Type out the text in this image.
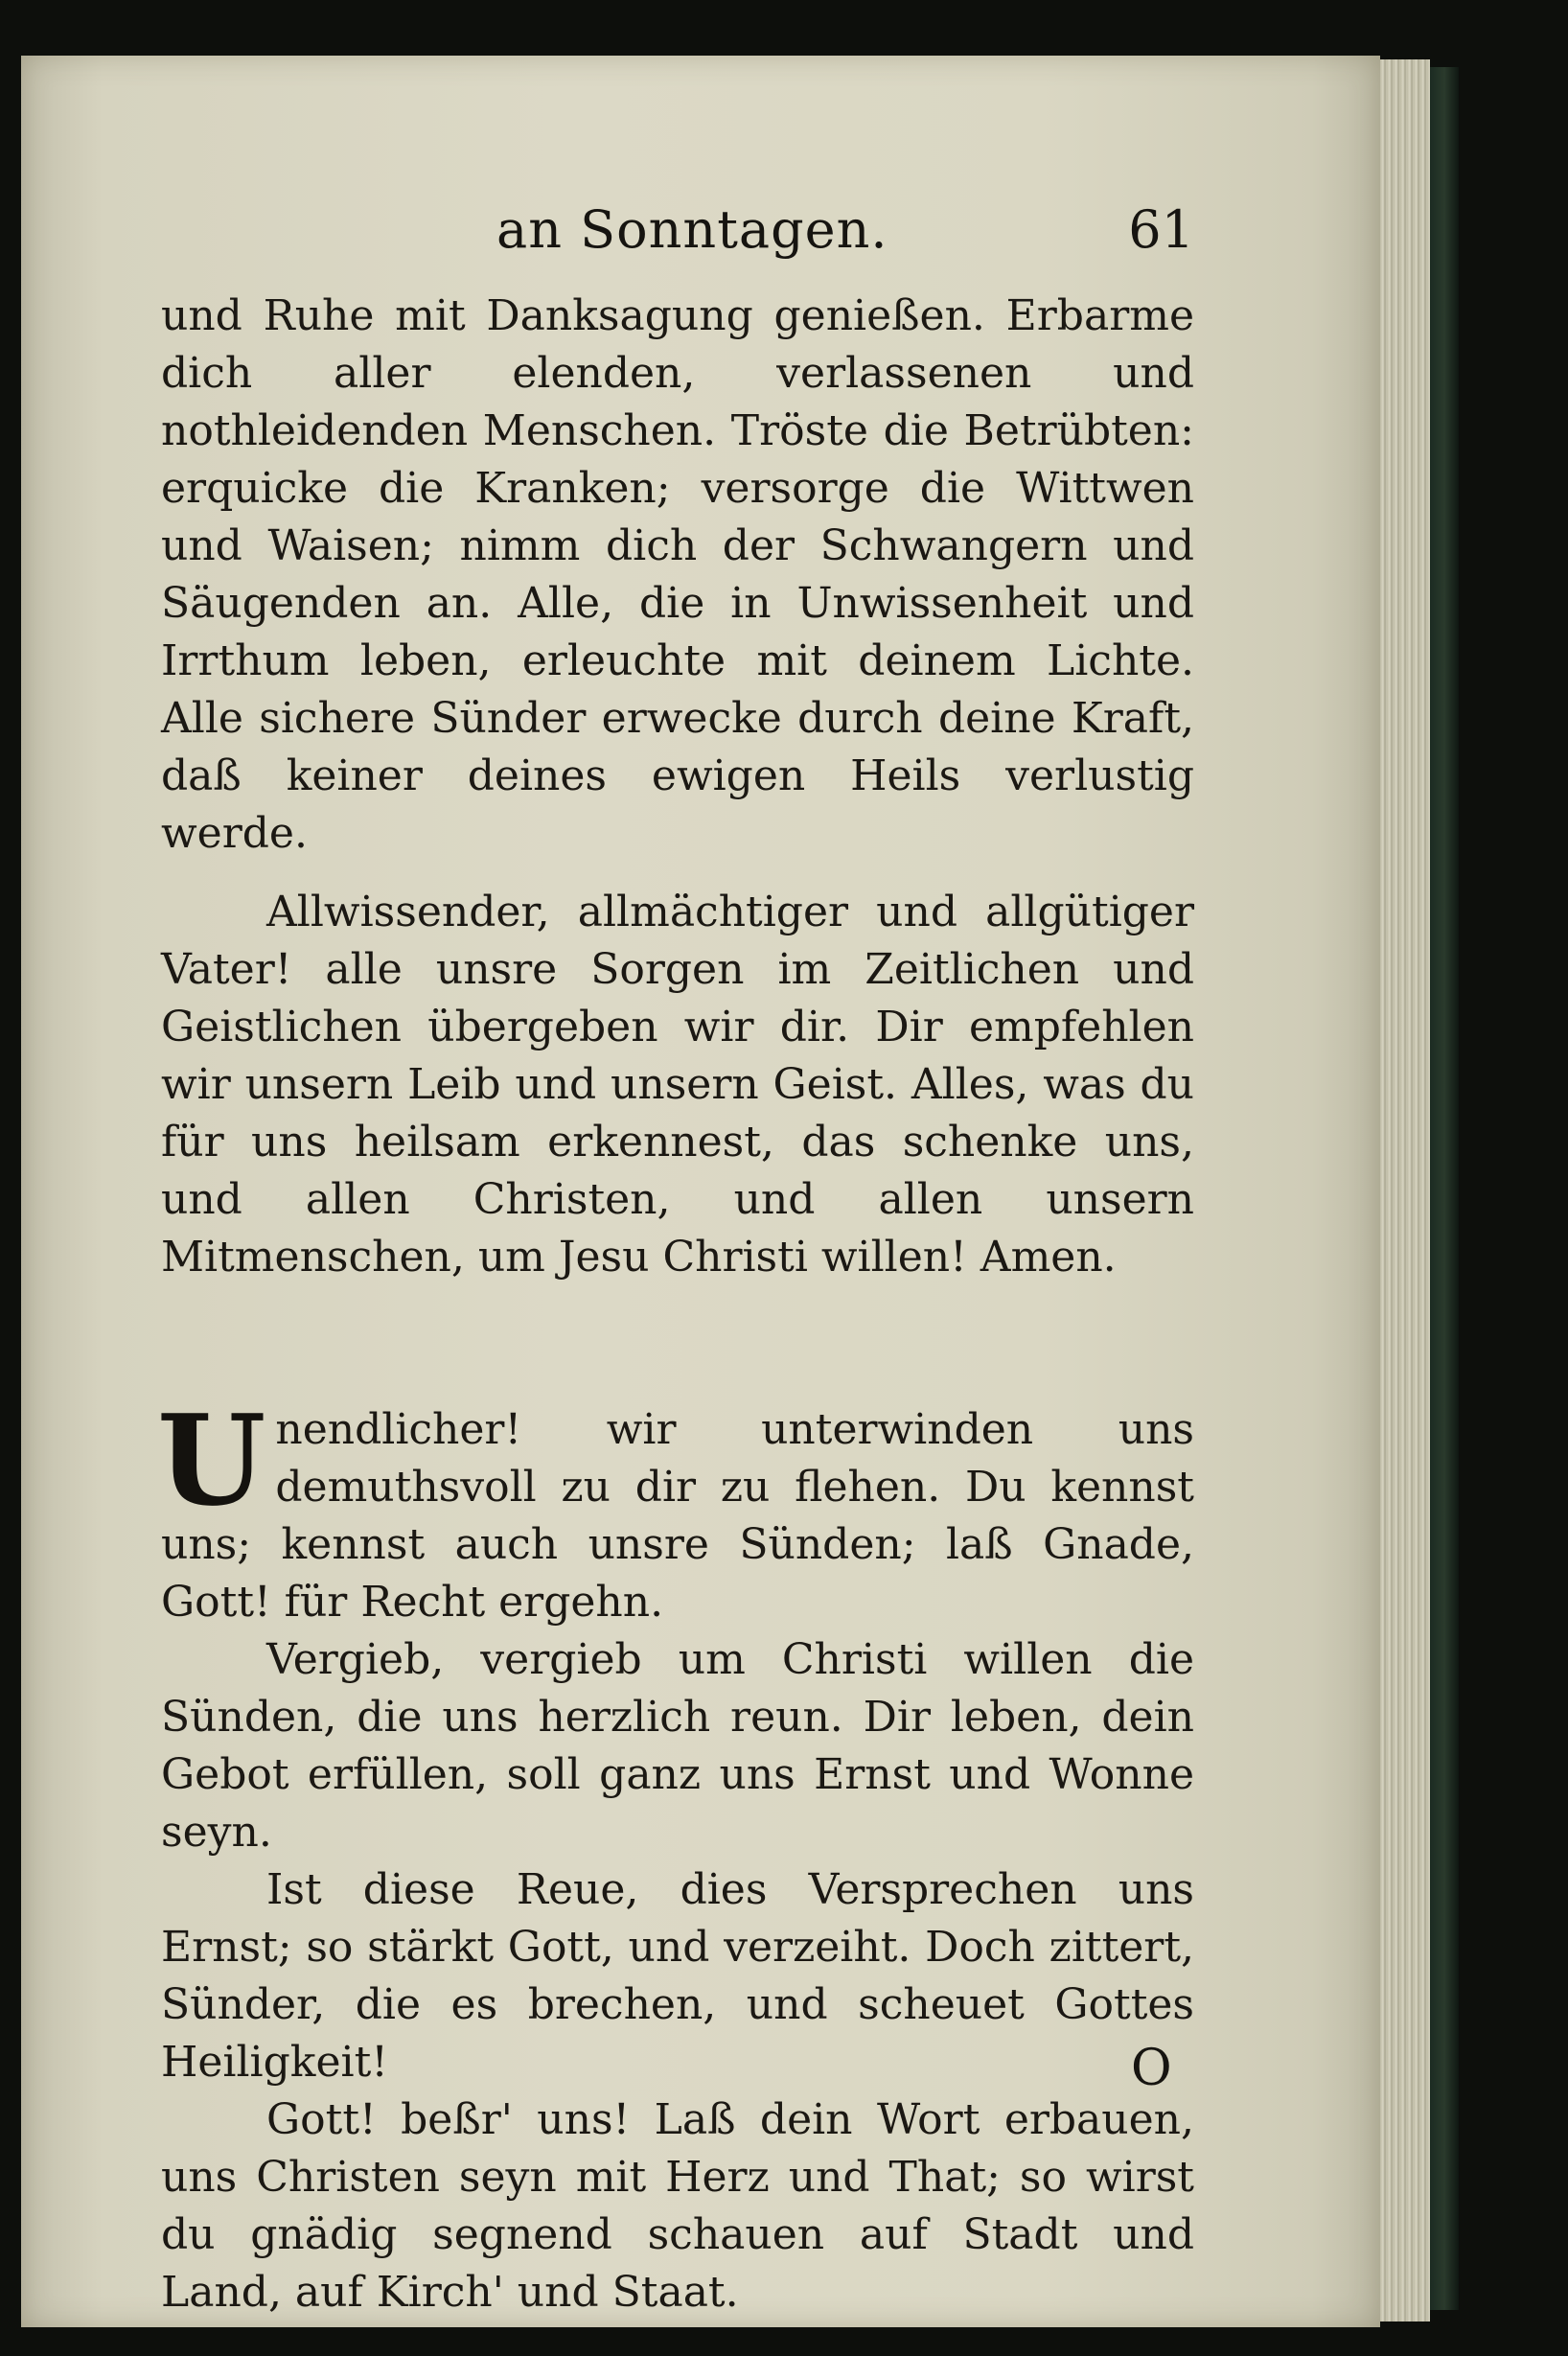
an Sonntagen.	61

und Ruhe mit Danksagung genießen. Erbarme dich aller elenden, verlassenen und nothleidenden Menschen. Tröste die Betrübten: erquicke die Kranken; versorge die Wittwen und Waisen; nimm dich der Schwangern und Säugenden an. Alle, die in Unwissenheit und Irrthum leben, erleuchte mit deinem Lichte. Alle sichere Sünder erwecke durch deine Kraft, daß keiner deines ewigen Heils verlustig werde.

Allwissender, allmächtiger und allgütiger Vater! alle unsre Sorgen im Zeitlichen und Geistlichen übergeben wir dir. Dir empfehlen wir unsern Leib und unsern Geist. Alles, was du für uns heilsam erkennest, das schenke uns, und allen Christen, und allen unsern Mitmenschen, um Jesu Christi willen! Amen.

U nendlicher! wir unterwinden uns demuthsvoll zu dir zu flehen. Du kennst uns; kennst auch unsre Sünden; laß Gnade, Gott! für Recht ergehn.

Vergieb, vergieb um Christi willen die Sünden, die uns herzlich reun. Dir leben, dein Gebot erfüllen, soll ganz uns Ernst und Wonne seyn.

Ist diese Reue, dies Versprechen uns Ernst; so stärkt Gott, und verzeiht. Doch zittert, Sünder, die es brechen, und scheuet Gottes Heiligkeit!

Gott! beßr' uns! Laß dein Wort erbauen, uns Christen seyn mit Herz und That; so wirst du gnädig segnend schauen auf Stadt und Land, auf Kirch' und Staat.

O
